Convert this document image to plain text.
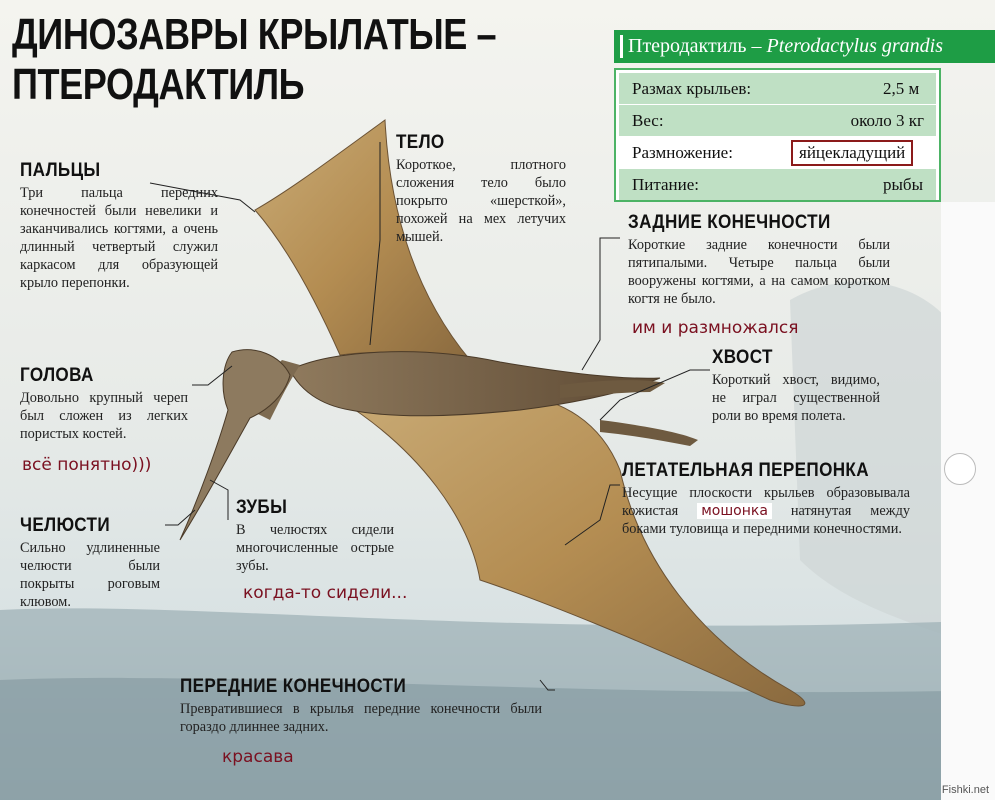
ДИНОЗАВРЫ КРЫЛАТЫЕ –
ПТЕРОДАКТИЛЬ
Птеродактиль – Pterodactylus grandis
Размах крыльев:	2,5 м
Вес:	около 3 кг
Размножение:	яйцекладущий
Питание:	рыбы
ПАЛЬЦЫ

Три пальца передних конечностей были невелики и заканчивались когтями, а очень длинный четвертый служил каркасом для образующей крыло перепонки.

ГОЛОВА

Довольно крупный череп был сложен из легких пористых костей.

ЧЕЛЮСТИ

Сильно удлиненные челюсти были покрыты роговым клювом.

ТЕЛО

Короткое, плотного сложения тело было покрыто «шерсткой», похожей на мех летучих мышей.

ЗУБЫ

В челюстях сидели многочисленные острые зубы.

ЗАДНИЕ КОНЕЧНОСТИ

Короткие задние конечности были пятипалыми. Четыре пальца были вооружены когтями, а на самом коротком когтя не было.

ХВОСТ

Короткий хвост, видимо, не играл существенной роли во время полета.

ЛЕТАТЕЛЬНАЯ ПЕРЕПОНКА

Несущие плоскости крыльев образовывала кожистая мошонка натянутая между боками туловища и передними конечностями.

ПЕРЕДНИЕ КОНЕЧНОСТИ

Превратившиеся в крылья передние конечности были гораздо длиннее задних.

всё понятно)))
когда-то сидели...
им и размножался
красава
Fishki.net
